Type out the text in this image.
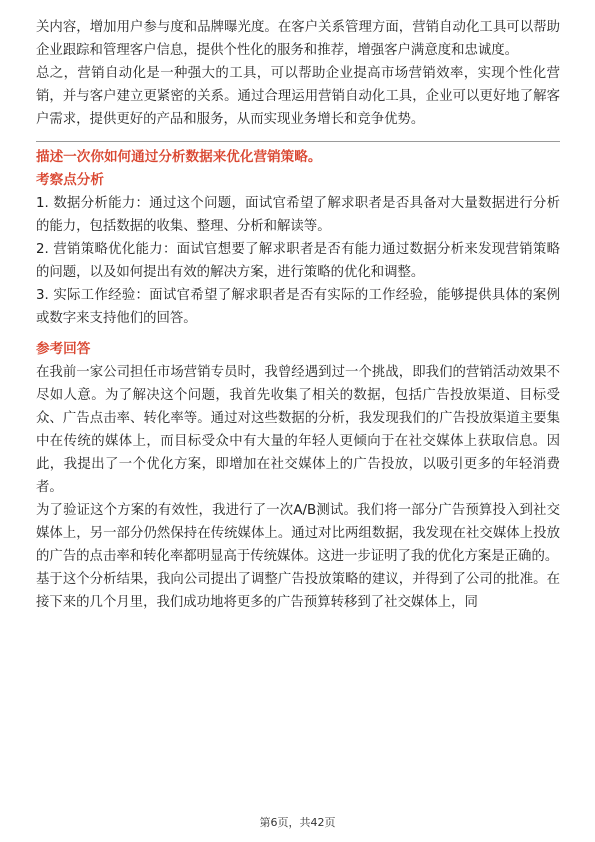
关内容，增加用户参与度和品牌曝光度。在客户关系管理方面，营销自动化工具可以帮助企业跟踪和管理客户信息，提供个性化的服务和推荐，增强客户满意度和忠诚度。

总之，营销自动化是一种强大的工具，可以帮助企业提高市场营销效率，实现个性化营销，并与客户建立更紧密的关系。通过合理运用营销自动化工具，企业可以更好地了解客户需求，提供更好的产品和服务，从而实现业务增长和竞争优势。

描述一次你如何通过分析数据来优化营销策略。
考察点分析

1. 数据分析能力：通过这个问题，面试官希望了解求职者是否具备对大量数据进行分析的能力，包括数据的收集、整理、分析和解读等。

2. 营销策略优化能力：面试官想要了解求职者是否有能力通过数据分析来发现营销策略的问题，以及如何提出有效的解决方案，进行策略的优化和调整。

3. 实际工作经验：面试官希望了解求职者是否有实际的工作经验，能够提供具体的案例或数字来支持他们的回答。

参考回答

在我前一家公司担任市场营销专员时，我曾经遇到过一个挑战，即我们的营销活动效果不尽如人意。为了解决这个问题，我首先收集了相关的数据，包括广告投放渠道、目标受众、广告点击率、转化率等。通过对这些数据的分析，我发现我们的广告投放渠道主要集中在传统的媒体上，而目标受众中有大量的年轻人更倾向于在社交媒体上获取信息。因此，我提出了一个优化方案，即增加在社交媒体上的广告投放，以吸引更多的年轻消费者。

为了验证这个方案的有效性，我进行了一次A/B测试。我们将一部分广告预算投入到社交媒体上，另一部分仍然保持在传统媒体上。通过对比两组数据，我发现在社交媒体上投放的广告的点击率和转化率都明显高于传统媒体。这进一步证明了我的优化方案是正确的。

基于这个分析结果，我向公司提出了调整广告投放策略的建议，并得到了公司的批准。在接下来的几个月里，我们成功地将更多的广告预算转移到了社交媒体上，同

第6页，共42页
